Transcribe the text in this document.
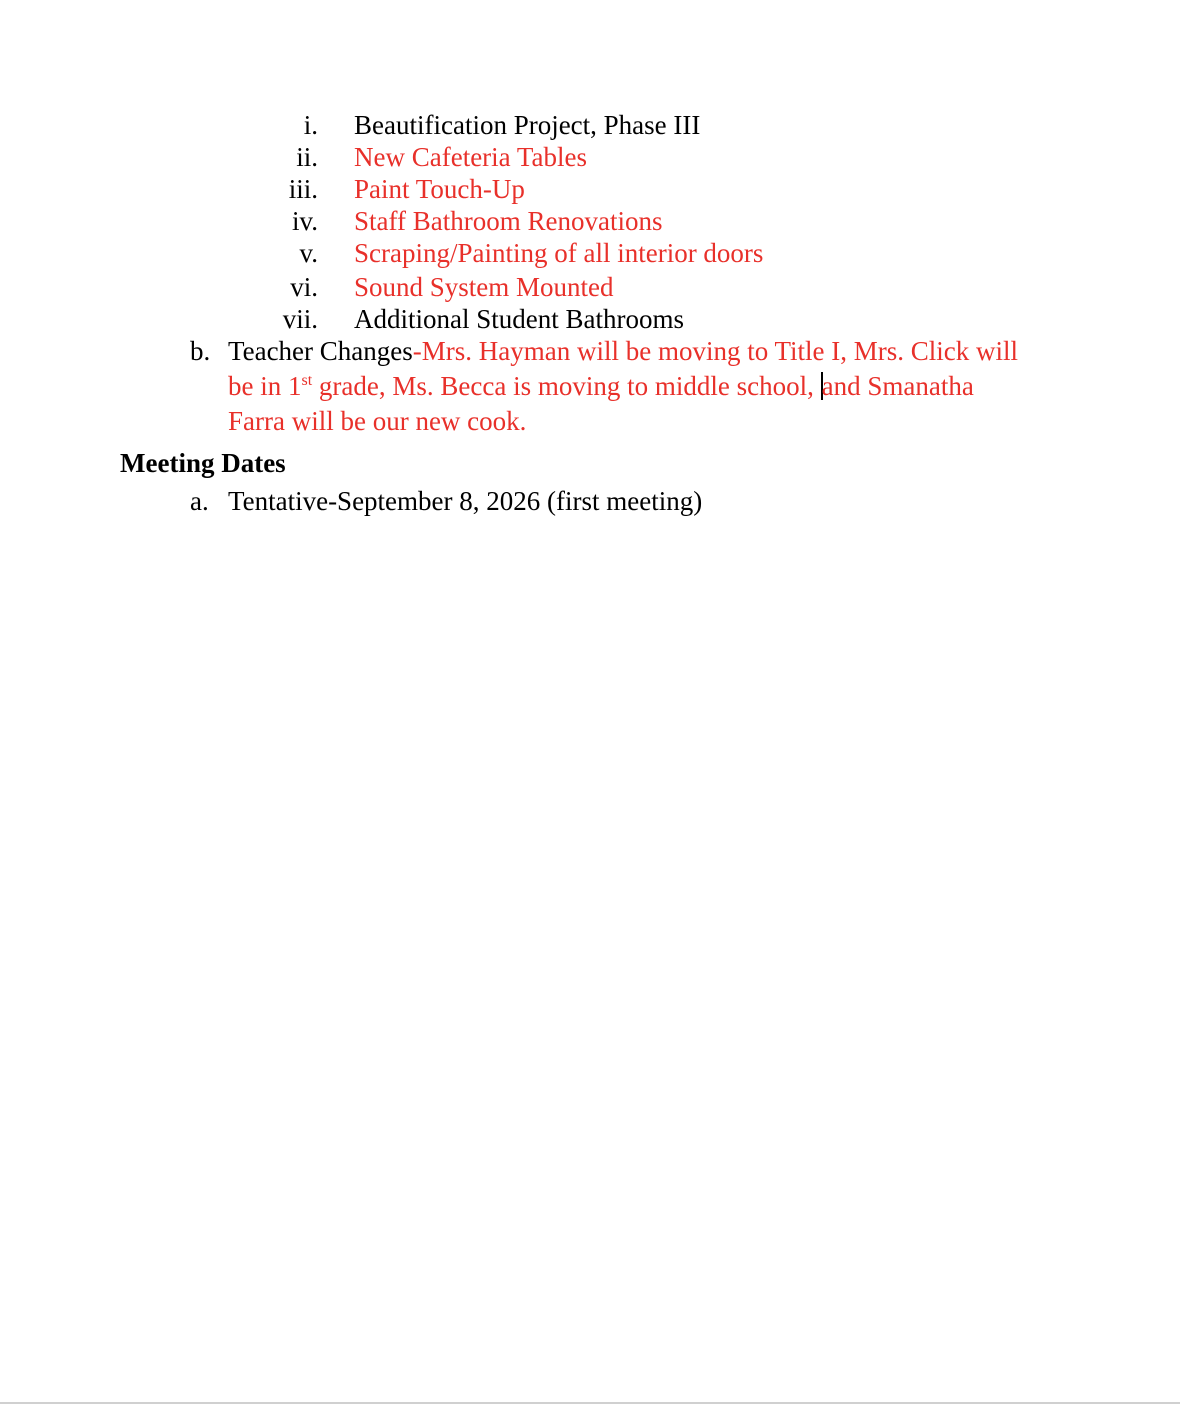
i. Beautification Project, Phase III
ii. New Cafeteria Tables
iii. Paint Touch-Up
iv. Staff Bathroom Renovations
v. Scraping/Painting of all interior doors
vi. Sound System Mounted
vii. Additional Student Bathrooms
b. Teacher Changes-Mrs. Hayman will be moving to Title I, Mrs. Click will
be in 1st grade, Ms. Becca is moving to middle school, and Smanatha
Farra will be our new cook.
Meeting Dates
a. Tentative-September 8, 2026 (first meeting)
